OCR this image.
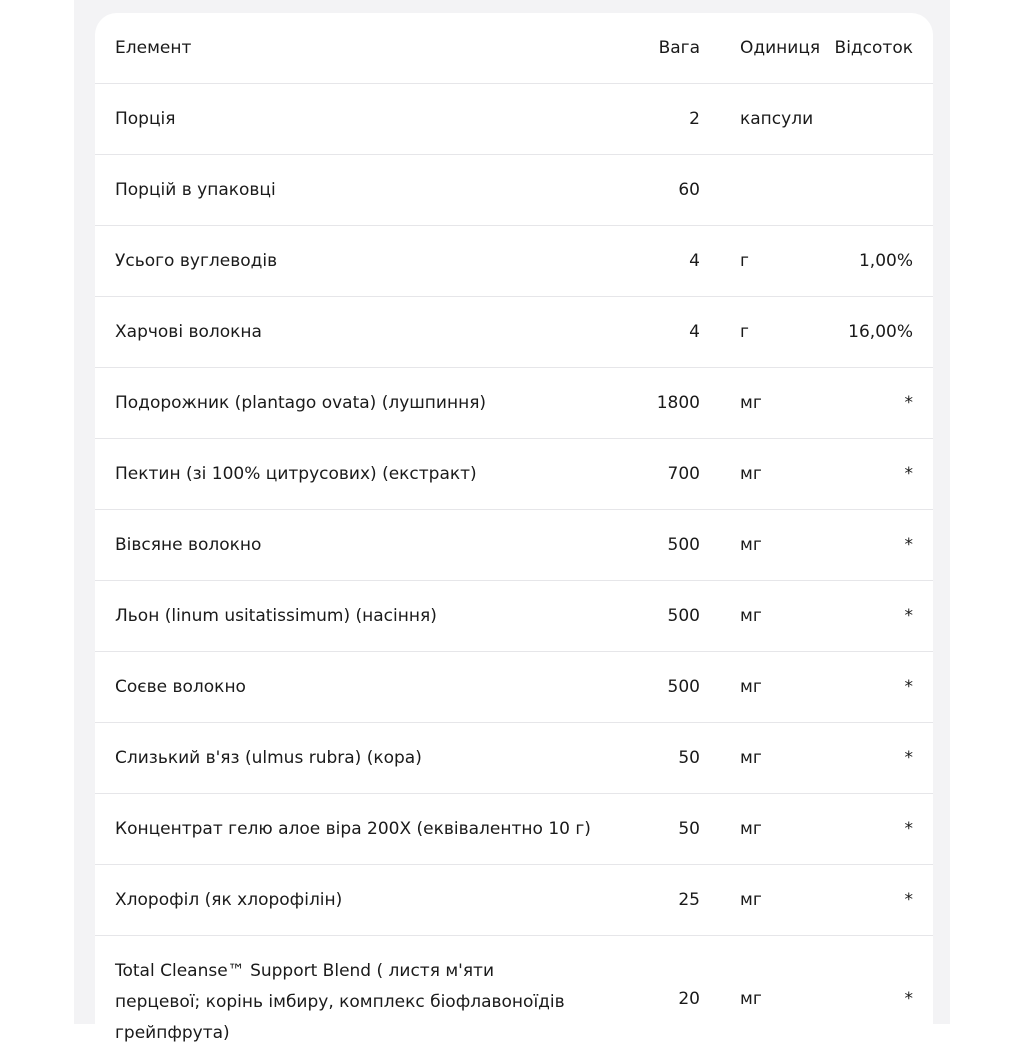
Елемент	Вага	Одиниця	Відсоток
Порція	2	капсули	
Порцій в упаковці	60		
Усього вуглеводів	4	г	1,00%
Харчові волокна	4	г	16,00%
Подорожник (plantago ovata) (лушпиння)	1800	мг	*
Пектин (зі 100% цитрусових) (екстракт)	700	мг	*
Вівсяне волокно	500	мг	*
Льон (linum usitatissimum) (насіння)	500	мг	*
Соєве волокно	500	мг	*
Слизький в'яз (ulmus rubra) (кора)	50	мг	*
Концентрат гелю алое віра 200X (еквівалентно 10 г)	50	мг	*
Хлорофіл (як хлорофілін)	25	мг	*
Total Cleanse™ Support Blend ( листя м'яти перцевої; корінь імбиру, комплекс біофлавоноїдів грейпфрута)	20	мг	*
